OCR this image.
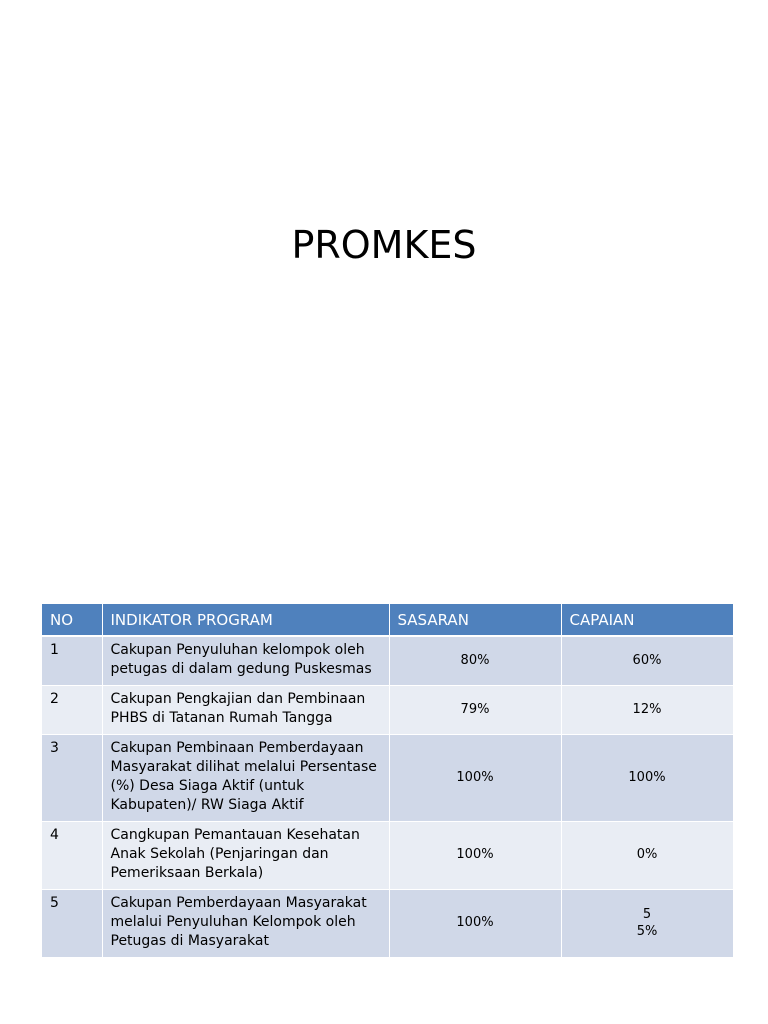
PROMKES
NO	INDIKATOR PROGRAM	SASARAN	CAPAIAN
1	Cakupan Penyuluhan kelompok oleh petugas di dalam gedung Puskesmas	80%	60%
2	Cakupan Pengkajian dan Pembinaan PHBS di Tatanan Rumah Tangga	79%	12%
3	Cakupan Pembinaan Pemberdayaan Masyarakat dilihat melalui Persentase (%) Desa Siaga Aktif (untuk Kabupaten)/ RW Siaga Aktif	100%	100%
4	Cangkupan Pemantauan Kesehatan Anak Sekolah (Penjaringan dan Pemeriksaan Berkala)	100%	0%
5	Cakupan Pemberdayaan Masyarakat melalui Penyuluhan Kelompok oleh Petugas di Masyarakat	100%	5
5%
